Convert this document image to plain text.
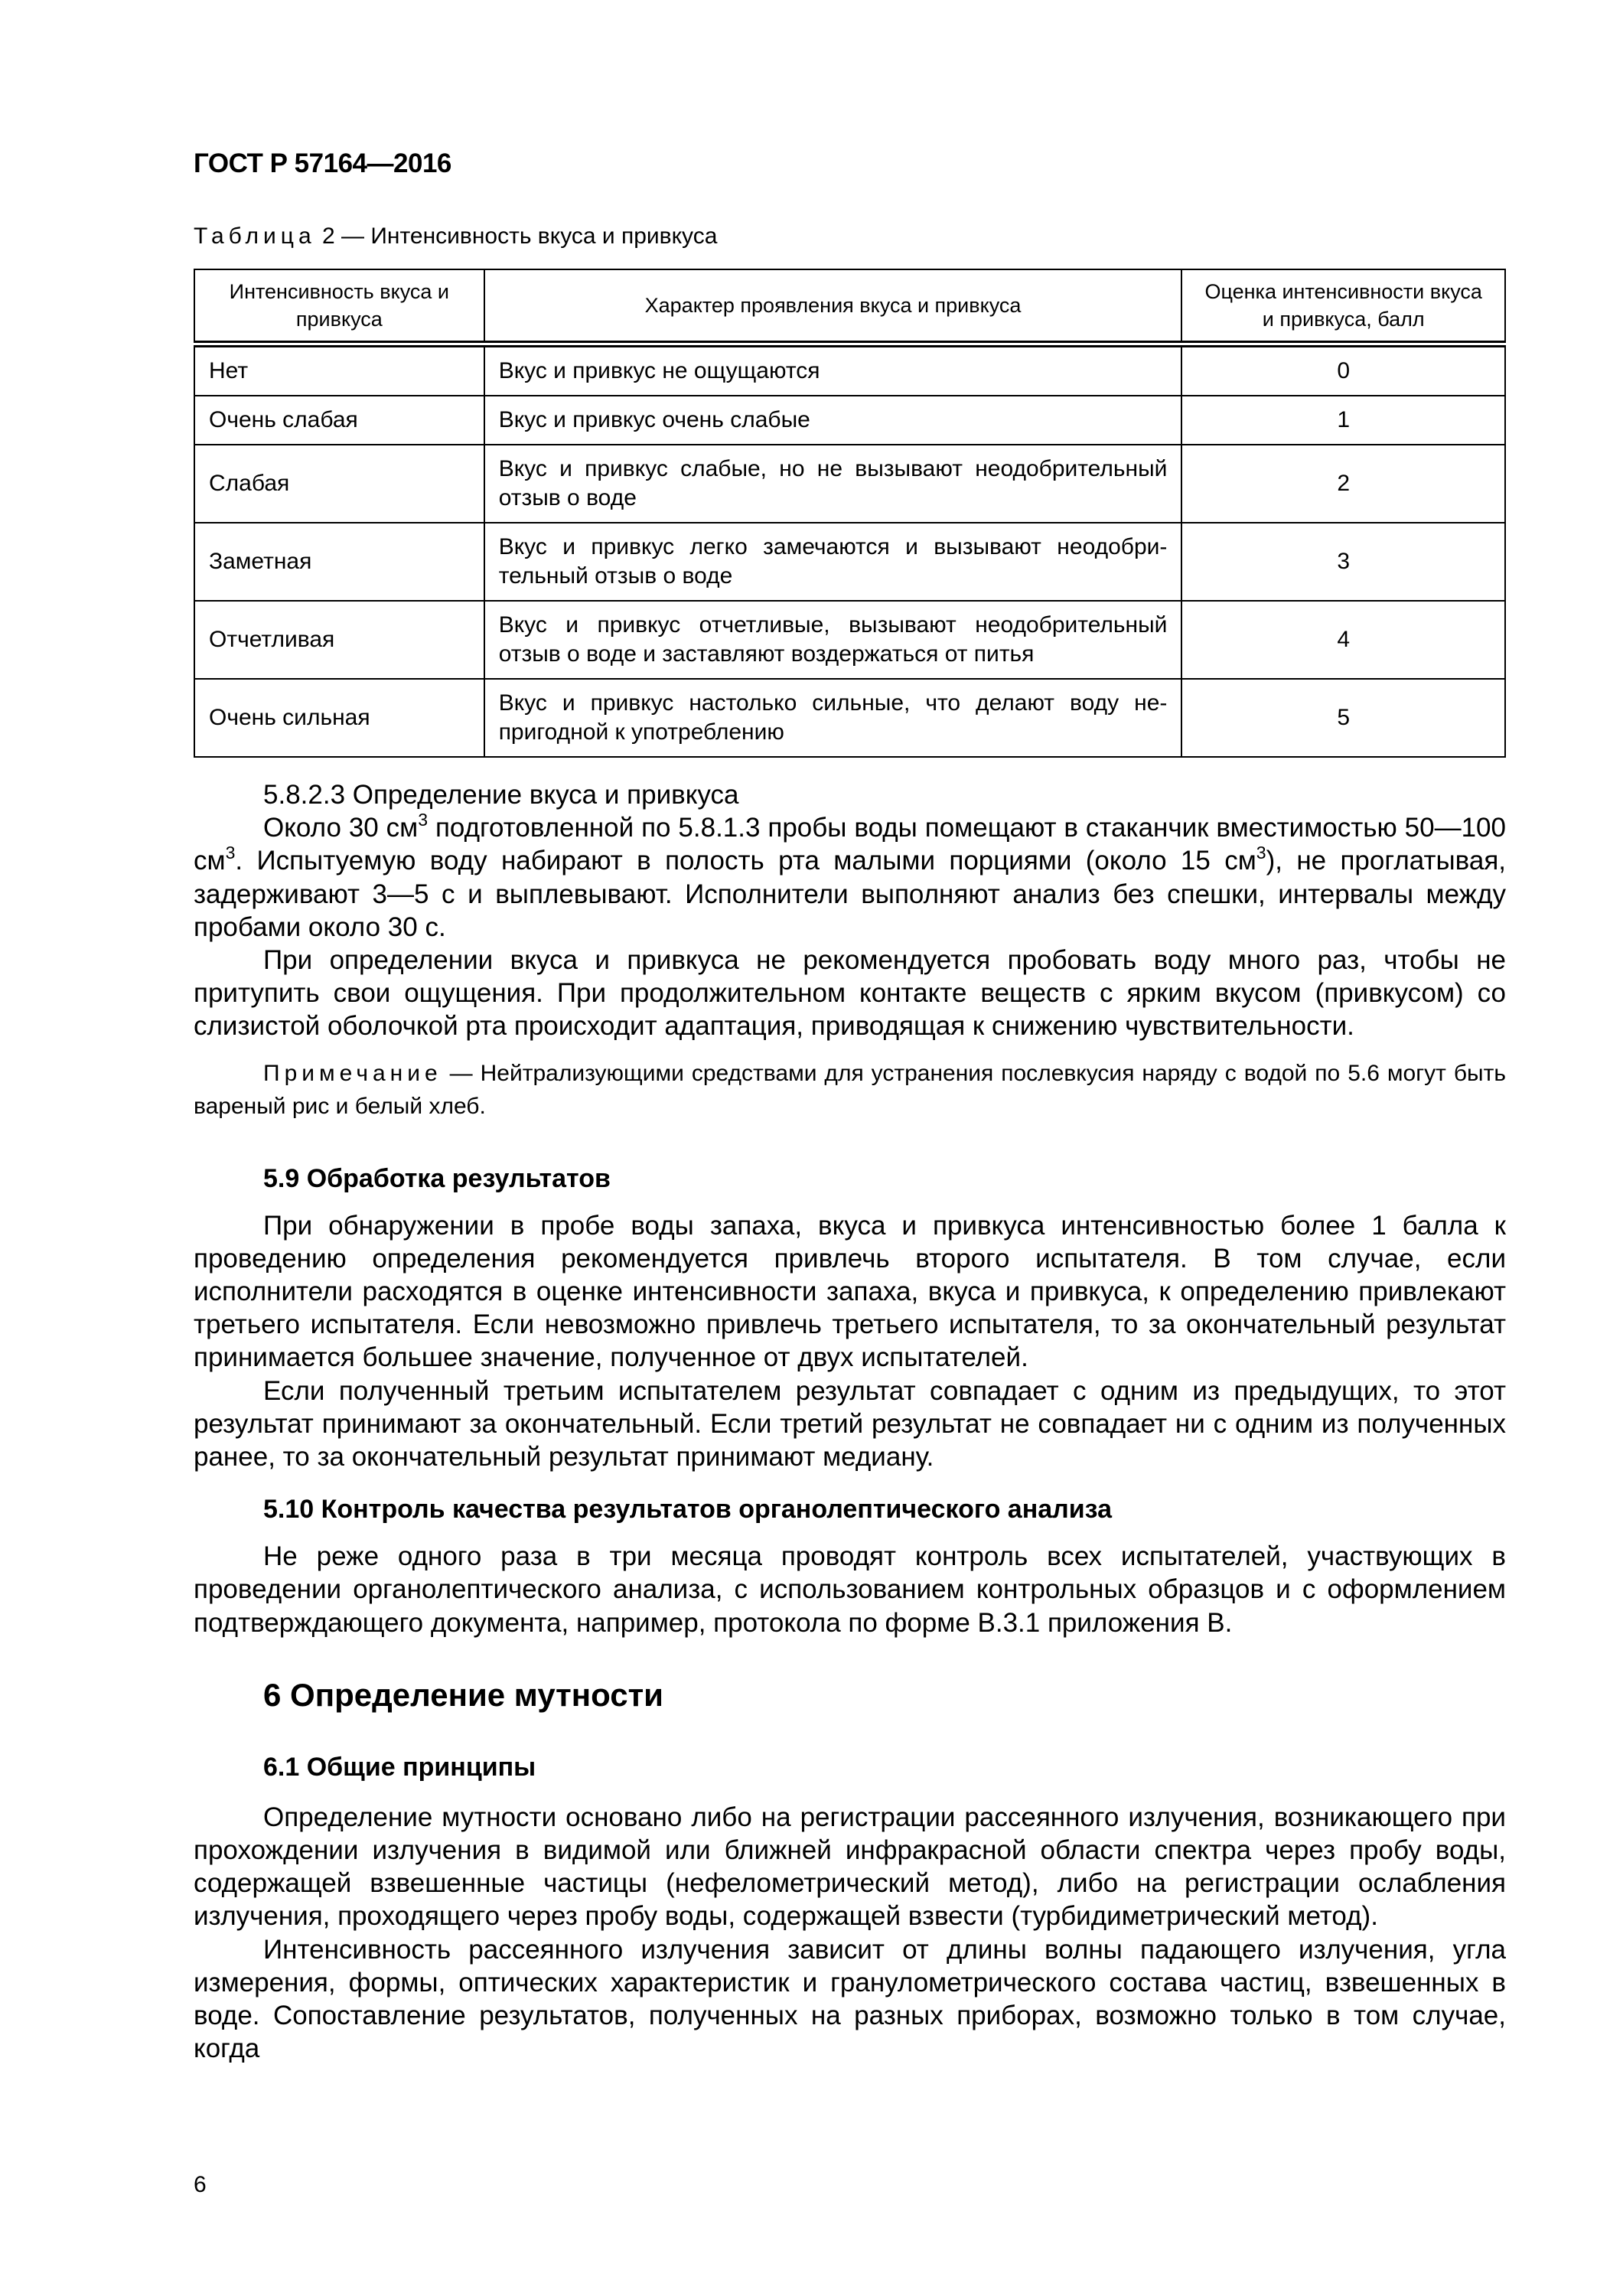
ГОСТ Р 57164—2016
Таблица 2 — Интенсивность вкуса и привкуса
Интенсивность вкуса и привкуса	Характер проявления вкуса и привкуса	Оценка интенсивности вкуса и привкуса, балл
Нет	Вкус и привкус не ощущаются	0
Очень слабая	Вкус и привкус очень слабые	1
Слабая	Вкус и привкус слабые, но не вызывают неодобрительный отзыв о воде	2
Заметная	Вкус и привкус легко замечаются и вызывают неодобри-тельный отзыв о воде	3
Отчетливая	Вкус и привкус отчетливые, вызывают неодобрительный отзыв о воде и заставляют воздержаться от питья	4
Очень сильная	Вкус и привкус настолько сильные, что делают воду не-пригодной к употреблению	5

5.8.2.3 Определение вкуса и привкуса

Около 30 $см^3$ подготовленной по 5.8.1.3 пробы воды помещают в стаканчик вместимостью 50—100 $см^3$. Испытуемую воду набирают в полость рта малыми порциями (около 15 $см^3$), не проглатывая, задерживают 3—5 с и выплевывают. Исполнители выполняют анализ без спешки, интервалы между пробами около 30 с.

При определении вкуса и привкуса не рекомендуется пробовать воду много раз, чтобы не притупить свои ощущения. При продолжительном контакте веществ с ярким вкусом (привкусом) со слизистой оболочкой рта происходит адаптация, приводящая к снижению чувствительности.

Примечание — Нейтрализующими средствами для устранения послевкусия наряду с водой по 5.6 могут быть вареный рис и белый хлеб.

5.9 Обработка результатов

При обнаружении в пробе воды запаха, вкуса и привкуса интенсивностью более 1 балла к проведению определения рекомендуется привлечь второго испытателя. В том случае, если исполнители расходятся в оценке интенсивности запаха, вкуса и привкуса, к определению привлекают третьего испытателя. Если невозможно привлечь третьего испытателя, то за окончательный результат принимается большее значение, полученное от двух испытателей.

Если полученный третьим испытателем результат совпадает с одним из предыдущих, то этот результат принимают за окончательный. Если третий результат не совпадает ни с одним из полученных ранее, то за окончательный результат принимают медиану.

5.10 Контроль качества результатов органолептического анализа

Не реже одного раза в три месяца проводят контроль всех испытателей, участвующих в проведении органолептического анализа, с использованием контрольных образцов и с оформлением подтверждающего документа, например, протокола по форме В.3.1 приложения В.

6 Определение мутности
6.1 Общие принципы

Определение мутности основано либо на регистрации рассеянного излучения, возникающего при прохождении излучения в видимой или ближней инфракрасной области спектра через пробу воды, содержащей взвешенные частицы (нефелометрический метод), либо на регистрации ослабления излучения, проходящего через пробу воды, содержащей взвести (турбидиметрический метод).

Интенсивность рассеянного излучения зависит от длины волны падающего излучения, угла измерения, формы, оптических характеристик и гранулометрического состава частиц, взвешенных в воде. Сопоставление результатов, полученных на разных приборах, возможно только в том случае, когда

6
